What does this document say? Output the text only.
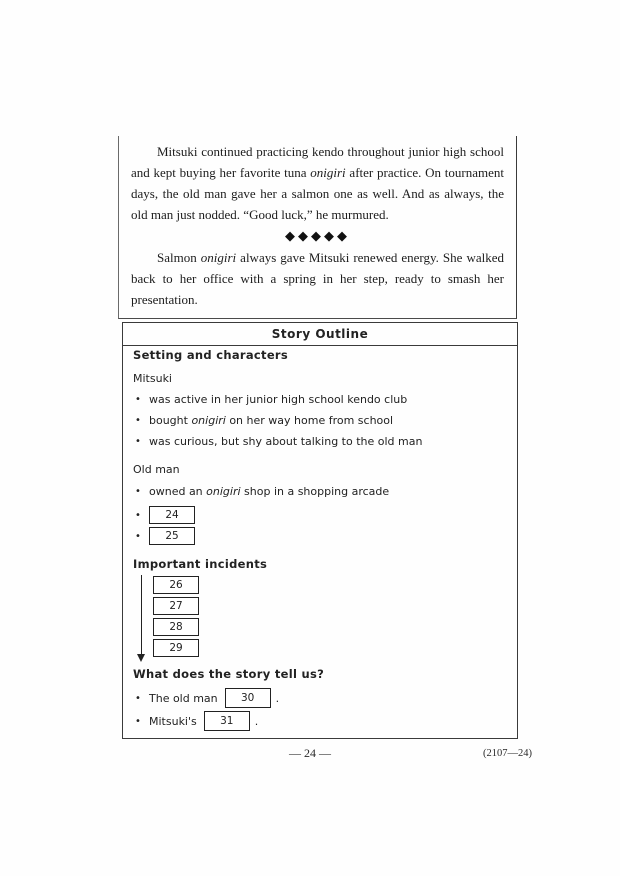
Mitsuki continued practicing kendo throughout junior high school and kept buying her favorite tuna onigiri after practice. On tournament days, the old man gave her a salmon one as well. And as always, the old man just nodded. “Good luck,” he murmured.

◆◆◆◆◆

Salmon onigiri always gave Mitsuki renewed energy. She walked back to her office with a spring in her step, ready to smash her presentation.

Story Outline
Setting and characters
Mitsuki
• was active in her junior high school kendo club
• bought onigiri on her way home from school
• was curious, but shy about talking to the old man
Old man
• owned an onigiri shop in a shopping arcade
•	24
•	25
Important incidents
26
27
28
29
What does the story tell us?
• The old man	30	.
• Mitsuki's	31	.
— 24 —	(2107—24)
